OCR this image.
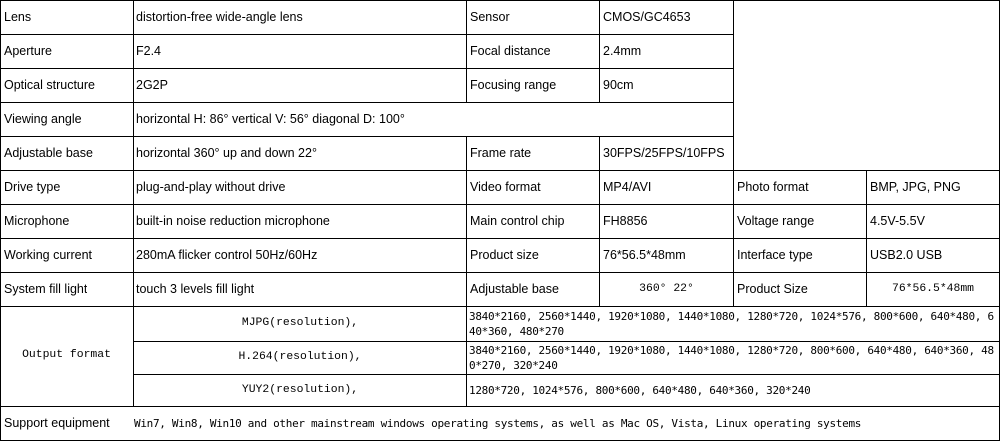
Lens	distortion-free wide-angle lens	Sensor	CMOS/GC4653
Aperture	F2.4	Focal distance	2.4mm
Optical structure	2G2P	Focusing range	90cm
Viewing angle	horizontal H: 86° vertical V: 56° diagonal D: 100°
Adjustable base	horizontal 360° up and down 22°	Frame rate	30FPS/25FPS/10FPS
Drive type	plug-and-play without drive	Video format	MP4/AVI	Photo format	BMP, JPG, PNG
Microphone	built-in noise reduction microphone	Main control chip	FH8856	Voltage range	4.5V-5.5V
Working current	280mA flicker control 50Hz/60Hz	Product size	76*56.5*48mm	Interface type	USB2.0 USB
System fill light	touch 3 levels fill light	Adjustable base	360° 22°	Product Size	76*56.5*48mm
Output format
MJPG(resolution),	3840*2160, 2560*1440, 1920*1080, 1440*1080, 1280*720, 1024*576, 800*600, 640*480, 640*360, 480*270
H.264(resolution),	3840*2160, 2560*1440, 1920*1080, 1440*1080, 1280*720, 800*600, 640*480, 640*360, 480*270, 320*240
YUY2(resolution),	1280*720, 1024*576, 800*600, 640*480, 640*360, 320*240
Support equipment Win7, Win8, Win10 and other mainstream windows operating systems, as well as Mac OS, Vista, Linux operating systems
